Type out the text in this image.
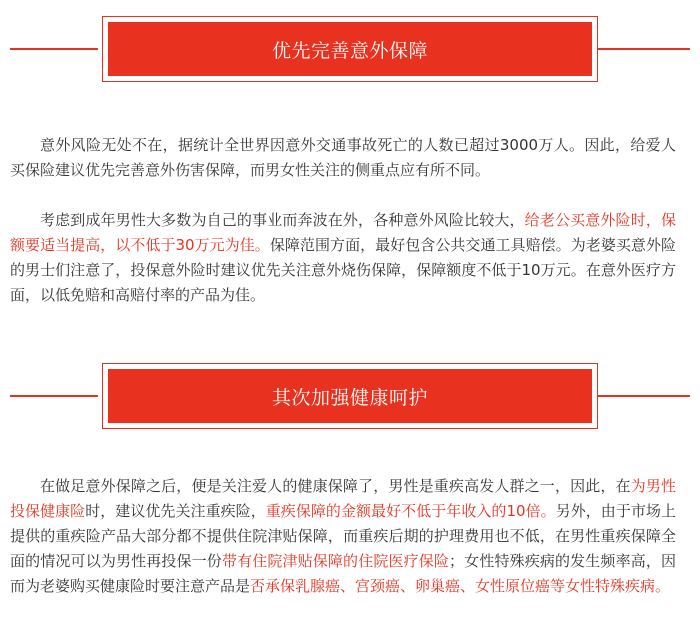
优先完善意外保障

意外风险无处不在，据统计全世界因意外交通事故死亡的人数已超过3000万人。因此，给爱人买保险建议优先完善意外伤害保障，而男女性关注的侧重点应有所不同。

考虑到成年男性大多数为自己的事业而奔波在外，各种意外风险比较大，给老公买意外险时，保额要适当提高，以不低于30万元为佳。保障范围方面，最好包含公共交通工具赔偿。为老婆买意外险的男士们注意了，投保意外险时建议优先关注意外烧伤保障，保障额度不低于10万元。在意外医疗方面，以低免赔和高赔付率的产品为佳。

其次加强健康呵护

在做足意外保障之后，便是关注爱人的健康保障了，男性是重疾高发人群之一，因此，在为男性投保健康险时，建议优先关注重疾险，重疾保障的金额最好不低于年收入的10倍。另外，由于市场上提供的重疾险产品大部分都不提供住院津贴保障，而重疾后期的护理费用也不低，在男性重疾保障全面的情况可以为男性再投保一份带有住院津贴保障的住院医疗保险；女性特殊疾病的发生频率高，因而为老婆购买健康险时要注意产品是否承保乳腺癌、宫颈癌、卵巢癌、女性原位癌等女性特殊疾病。
